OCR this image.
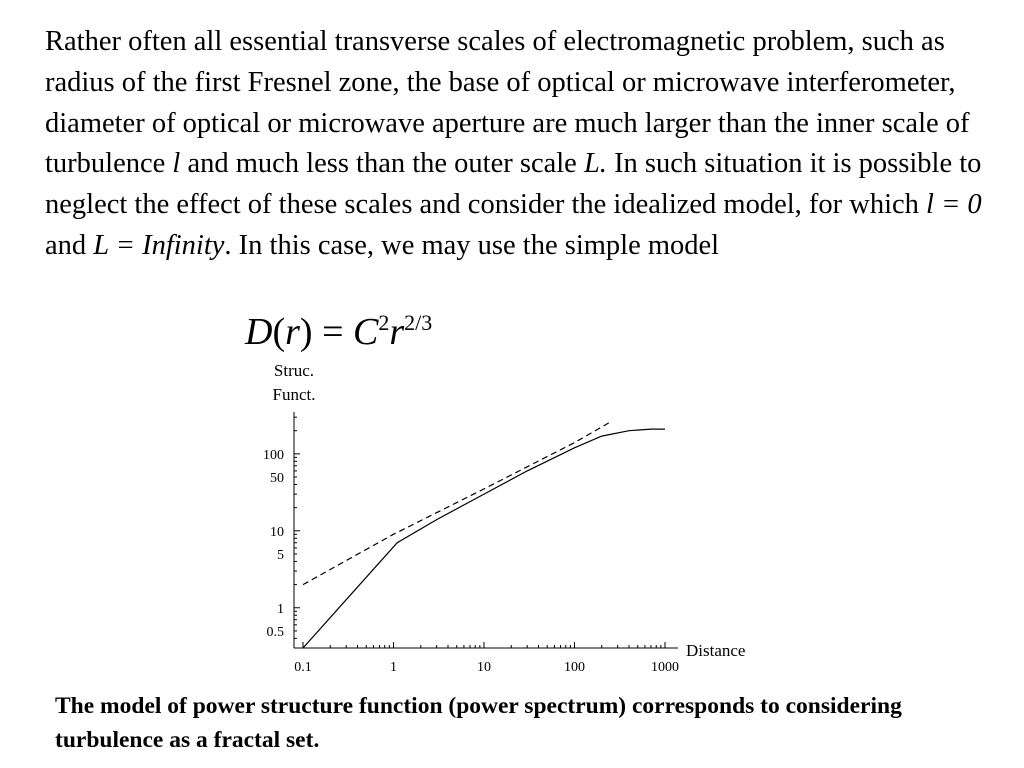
Rather often all essential transverse scales of electromagnetic problem, such as radius of the first Fresnel zone, the base of optical or microwave interferometer, diameter of optical or microwave aperture are much larger than the inner scale of turbulence l and much less than the outer scale L. In such situation it is possible to neglect the effect of these scales and consider the idealized model, for which l = 0 and L = Infinity. In this case, we may use the simple model

$D(r) = C^2r^{2/3}$
Struc.
Funct.
Distance
0.5
1
5
10
50
100
0.1	1	10	100	1000

The model of power structure function (power spectrum) corresponds to considering turbulence as a fractal set.
